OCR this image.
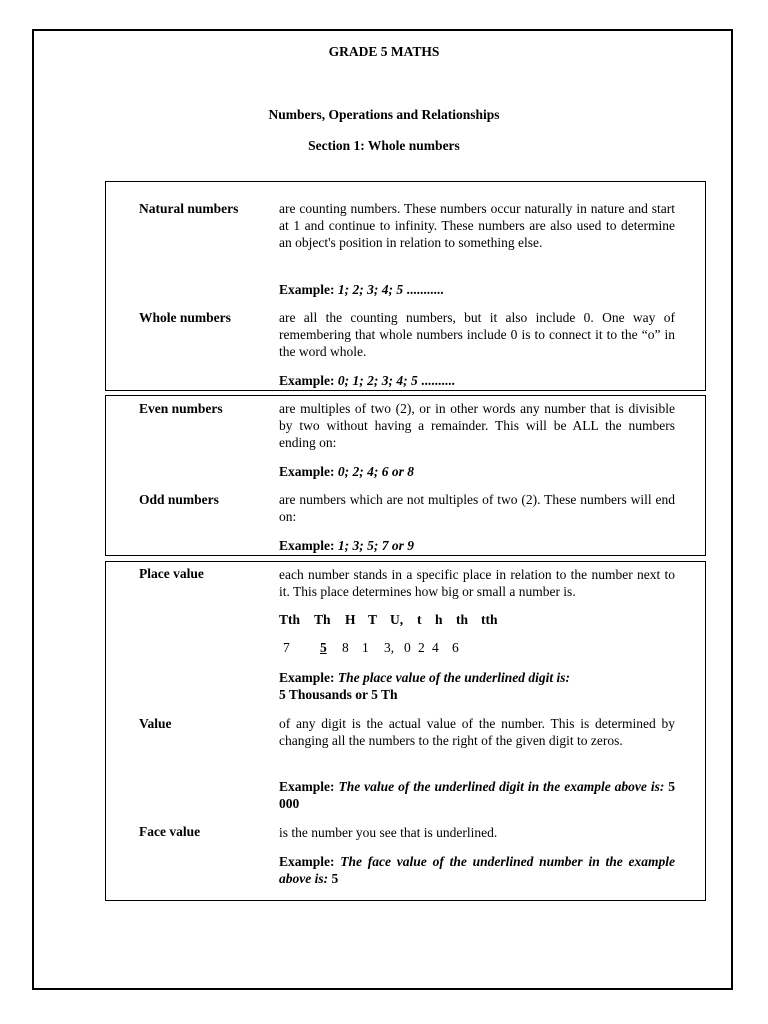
GRADE 5 MATHS
Numbers, Operations and Relationships
Section 1: Whole numbers
Natural numbers	are counting numbers. These numbers occur naturally in nature and start at 1 and continue to infinity. These numbers are also used to determine an object's position in relation to something else.
Example: 1; 2; 3; 4; 5 ...........
Whole numbers	are all the counting numbers, but it also include 0. One way of remembering that whole numbers include 0 is to connect it to the “o” in the word whole.
Example: 0; 1; 2; 3; 4; 5 ..........
Even numbers	are multiples of two (2), or in other words any number that is divisible by two without having a remainder. This will be ALL the numbers ending on:
Example: 0; 2; 4; 6 or 8
Odd numbers	are numbers which are not multiples of two (2). These numbers will end on:
Example: 1; 3; 5; 7 or 9
Place value	each number stands in a specific place in relation to the number next to it. This place determines how big or small a number is.
Tth Th H T U, t h th tth
7 5 8 1 3, 0 2 4 6
Example: The place value of the underlined digit is:
5 Thousands or 5 Th
Value	of any digit is the actual value of the number. This is determined by changing all the numbers to the right of the given digit to zeros.
Example: The value of the underlined digit in the example above is: 5 000
Face value	is the number you see that is underlined.
Example: The face value of the underlined number in the example above is: 5
